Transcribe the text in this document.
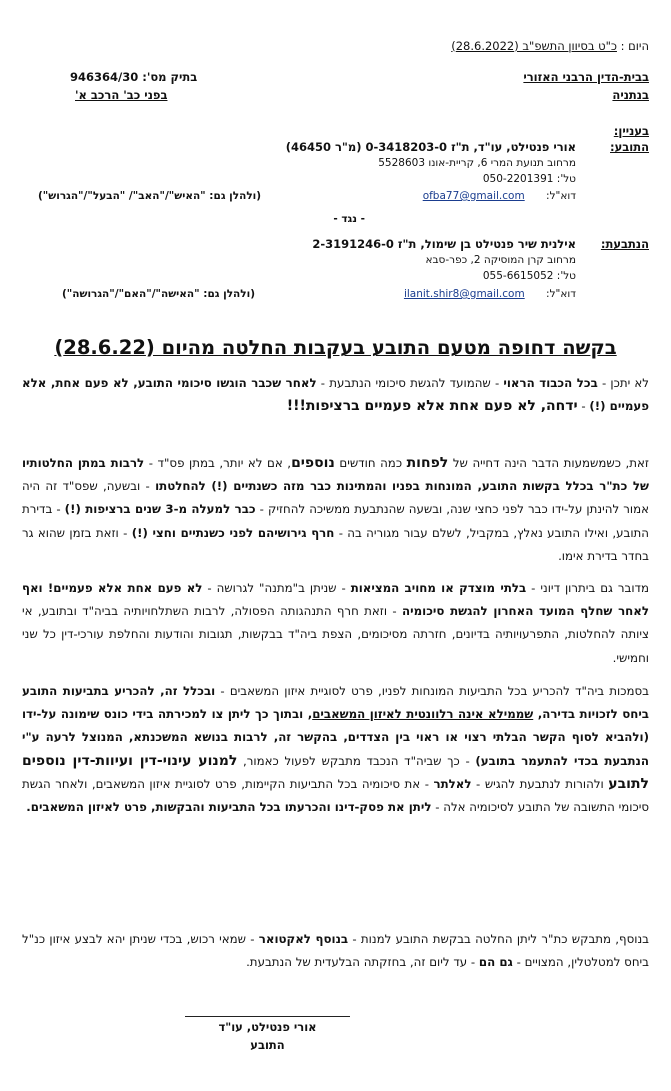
היום : כ"ט בסיוון התשפ"ב (28.6.2022)
בבית-הדין הרבני האזורי
בנתניה
בתיק מס': 946364/30
בפני כב' הרכב א'
בעניין:
התובע:
אורי פנטילט, עו"ד, ת"ז 0-3418203-0 (מ"ר 46450)
מרחוב תנועת המרי 6, קריית-אונו 5528603
טל': 050-2201391
דוא"ל: ofba77@gmail.com
(ולהלן גם: "האיש"/"האב"/ "הבעל"/"הגרוש")
- נגד -
הנתבעת:
אילנית שיר פנטילט בן שימול, ת"ז 2-3191246-0
מרחוב קרן המוסיקה 2, כפר-סבא
טל': 055-6615052
דוא"ל: ilanit.shir8@gmail.com
(ולהלן גם: "האישה"/"האם"/"הגרושה")
בקשה דחופה מטעם התובע בעקבות החלטה מהיום (28.6.22)
לא יתכן - בכל הכבוד הראוי - שהמועד להגשת סיכומי הנתבעת - לאחר שכבר הוגשו סיכומי התובע, לא פעם אחת, אלא פעמיים (!) - ידחה, לא פעם אחת אלא פעמיים ברציפות!!!
זאת, כשמשמעות הדבר הינה דחייה של לפחות כמה חודשים נוספים, אם לא יותר, במתן פס"ד - לרבות במתן החלטותיו של כת"ר בכלל בקשות התובע, המונחות בפניו והמתינות כבר מזה כשנתיים (!) להחלטתו - ובשעה, שפס"ד זה היה אמור להינתן על-ידו כבר לפני כחצי שנה, ובשעה שהנתבעת ממשיכה להחזיק - כבר למעלה מ-3 שנים ברציפות (!) - בדירת התובע, ואילו התובע נאלץ, במקביל, לשלם עבור מגוריה בה - חרף גירושיהם לפני כשנתיים וחצי (!) - וזאת בזמן שהוא גר בחדר בדירת אימו.
מדובר גם ביתרון דיוני - בלתי מוצדק או מחויב המציאות - שניתן ב"מתנה" לגרושה - לא פעם אחת אלא פעמיים! ואף לאחר שחלף המועד האחרון להגשת סיכומיה - וזאת חרף התנהגותה הפסולה, לרבות השתלחויותיה בביה"ד ובתובע, אי ציותה להחלטות, התפרעויותיה בדיונים, חזרתה מסיכומים, הצפת ביה"ד בבקשות, תגובות והודעות והחלפת עורכי-דין כל שני וחמישי.
בסמכות ביה"ד להכריע בכל התביעות המונחות לפניו, פרט לסוגיית איזון המשאבים - ובכלל זה, להכריע בתביעות התובע ביחס לזכויות בדירה, שממילא אינה רלוונטית לאיזון המשאבים, ובתוך כך ליתן צו למכירתה בידי כונס שימונה על-ידו (ולהביא לסוף הקשר הבלתי רצוי או ראוי בין הצדדים, בהקשר זה, לרבות בנושא המשכנתא, המנוצל לרעה ע"י הנתבעת בכדי להתעמר בתובע) - כך שביה"ד הנכבד מתבקש לפעול כאמור, למנוע עינוי-דין ועיוות-דין נוספים לתובע ולהורות לנתבעת להגיש - לאלתר - את סיכומיה בכל התביעות הקיימות, פרט לסוגיית איזון המשאבים, ולאחר הגשת סיכומי התשובה של התובע לסיכומיה אלה - ליתן את פסק-דינו והכרעתו בכל התביעות והבקשות, פרט לאיזון המשאבים.
בנוסף, מתבקש כת"ר ליתן החלטה בבקשת התובע למנות - בנוסף לאקטואר - שמאי רכוש, בכדי שניתן יהא לבצע איזון כנ"ל ביחס למטלטלין, המצויים - גם הם - עד ליום זה, בחזקתה הבלעדית של הנתבעת.
אורי פנטילט, עו"ד
התובע
